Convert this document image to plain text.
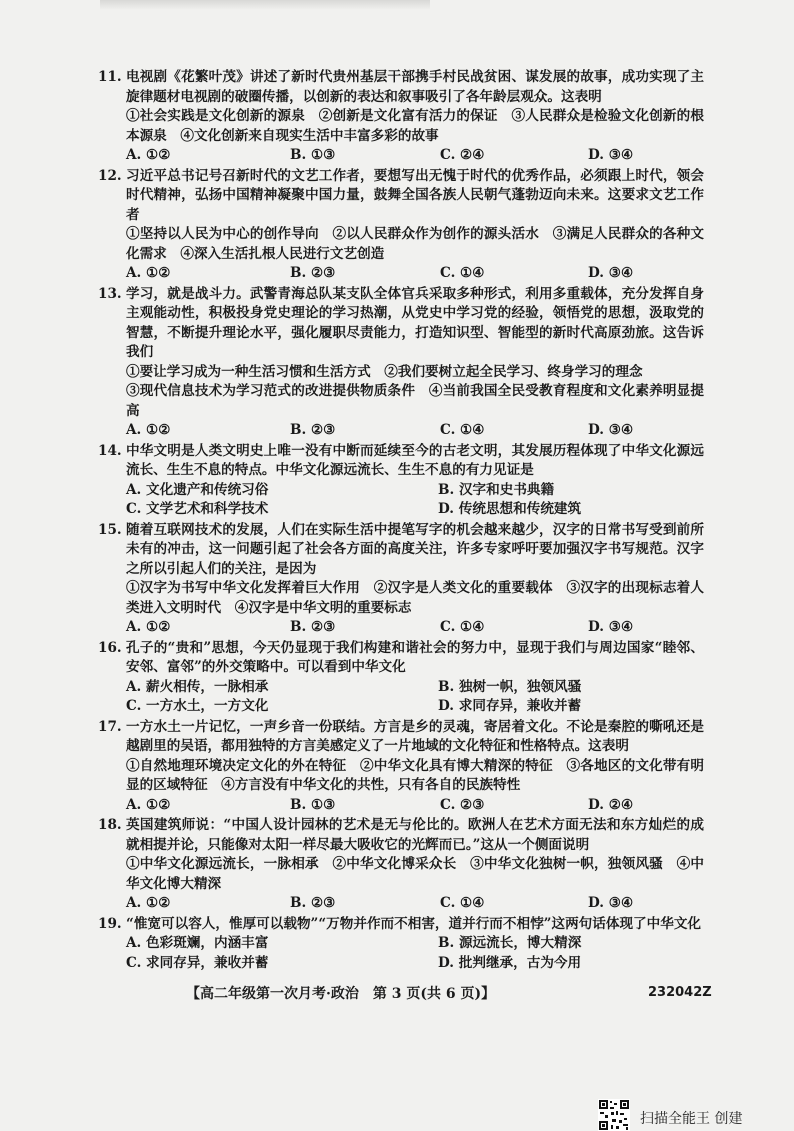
11. 电视剧《花繁叶茂》讲述了新时代贵州基层干部携手村民战贫困、谋发展的故事，成功实现了主旋律题材电视剧的破圈传播，以创新的表达和叙事吸引了各年龄层观众。这表明
①社会实践是文化创新的源泉　②创新是文化富有活力的保证　③人民群众是检验文化创新的根本源泉　④文化创新来自现实生活中丰富多彩的故事
A. ①②	B. ①③	C. ②④	D. ③④
12. 习近平总书记号召新时代的文艺工作者，要想写出无愧于时代的优秀作品，必须跟上时代，领会时代精神，弘扬中国精神凝聚中国力量，鼓舞全国各族人民朝气蓬勃迈向未来。这要求文艺工作者
①坚持以人民为中心的创作导向　②以人民群众作为创作的源头活水　③满足人民群众的各种文化需求　④深入生活扎根人民进行文艺创造
A. ①②	B. ②③	C. ①④	D. ③④
13. 学习，就是战斗力。武警青海总队某支队全体官兵采取多种形式，利用多重载体，充分发挥自身主观能动性，积极投身党史理论的学习热潮，从党史中学习党的经验，领悟党的思想，汲取党的智慧，不断提升理论水平，强化履职尽责能力，打造知识型、智能型的新时代高原劲旅。这告诉我们
①要让学习成为一种生活习惯和生活方式　②我们要树立起全民学习、终身学习的理念
③现代信息技术为学习范式的改进提供物质条件　④当前我国全民受教育程度和文化素养明显提高
A. ①②	B. ②③	C. ①④	D. ③④
14. 中华文明是人类文明史上唯一没有中断而延续至今的古老文明，其发展历程体现了中华文化源远流长、生生不息的特点。中华文化源远流长、生生不息的有力见证是
A. 文化遗产和传统习俗	B. 汉字和史书典籍
C. 文学艺术和科学技术	D. 传统思想和传统建筑
15. 随着互联网技术的发展，人们在实际生活中提笔写字的机会越来越少，汉字的日常书写受到前所未有的冲击，这一问题引起了社会各方面的高度关注，许多专家呼吁要加强汉字书写规范。汉字之所以引起人们的关注，是因为
①汉字为书写中华文化发挥着巨大作用　②汉字是人类文化的重要载体　③汉字的出现标志着人类进入文明时代　④汉字是中华文明的重要标志
A. ①②	B. ②③	C. ①④	D. ③④
16. 孔子的“贵和”思想，今天仍显现于我们构建和谐社会的努力中，显现于我们与周边国家“睦邻、安邻、富邻”的外交策略中。可以看到中华文化
A. 薪火相传，一脉相承	B. 独树一帜，独领风骚
C. 一方水土，一方文化	D. 求同存异，兼收并蓄
17. 一方水土一片记忆，一声乡音一份联结。方言是乡的灵魂，寄居着文化。不论是秦腔的嘶吼还是越剧里的吴语，都用独特的方言美感定义了一片地域的文化特征和性格特点。这表明
①自然地理环境决定文化的外在特征　②中华文化具有博大精深的特征　③各地区的文化带有明显的区域特征　④方言没有中华文化的共性，只有各自的民族特性
A. ①②	B. ①③	C. ②③	D. ②④
18. 英国建筑师说：“中国人设计园林的艺术是无与伦比的。欧洲人在艺术方面无法和东方灿烂的成就相提并论，只能像对太阳一样尽最大吸收它的光辉而已。”这从一个侧面说明
①中华文化源远流长，一脉相承　②中华文化博采众长　③中华文化独树一帜，独领风骚　④中华文化博大精深
A. ①②	B. ②③	C. ①④	D. ③④
19. “惟宽可以容人，惟厚可以载物”“万物并作而不相害，道并行而不相悖”这两句话体现了中华文化
A. 色彩斑斓，内涵丰富	B. 源远流长，博大精深
C. 求同存异，兼收并蓄	D. 批判继承，古为今用
【高二年级第一次月考·政治　第 3 页(共 6 页)】	232042Z
扫描全能王 创建
